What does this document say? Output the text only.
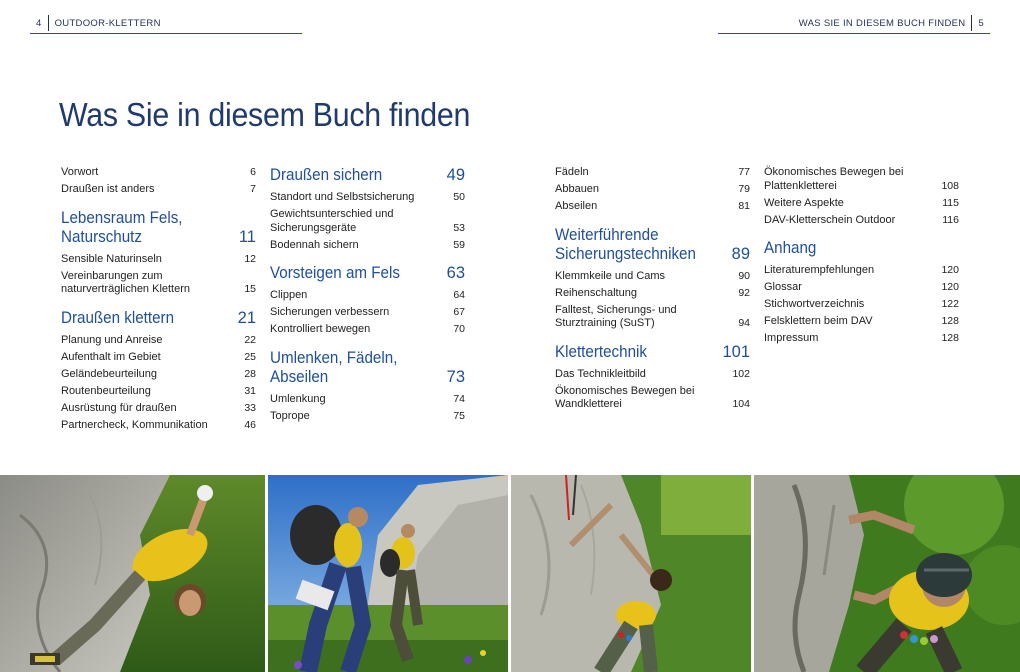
4 OUTDOOR-KLETTERN	WAS SIE IN DIESEM BUCH FINDEN 5
Was Sie in diesem Buch finden
Vorwort	6
Draußen ist anders	7
Lebensraum Fels, Naturschutz	11
Sensible Naturinseln	12
Vereinbarungen zum naturverträglichen Klettern	15
Draußen klettern	21
Planung und Anreise	22
Aufenthalt im Gebiet	25
Geländebeurteilung	28
Routenbeurteilung	31
Ausrüstung für draußen	33
Partnercheck, Kommunikation	46
Draußen sichern	49
Standort und Selbstsicherung	50
Gewichtsunterschied und Sicherungsgeräte	53
Bodennah sichern	59
Vorsteigen am Fels	63
Clippen	64
Sicherungen verbessern	67
Kontrolliert bewegen	70
Umlenken, Fädeln, Abseilen	73
Umlenkung	74
Toprope	75
Fädeln	77
Abbauen	79
Abseilen	81
Weiterführende Sicherungstechniken	89
Klemmkeile und Cams	90
Reihenschaltung	92
Falltest, Sicherungs- und Sturztraining (SuST)	94
Klettertechnik	101
Das Technikleitbild	102
Ökonomisches Bewegen bei Wandkletterei	104
Ökonomisches Bewegen bei Plattenkletterei	108
Weitere Aspekte	115
DAV-Kletterschein Outdoor	116
Anhang
Literaturempfehlungen	120
Glossar	120
Stichwortverzeichnis	122
Felsklettern beim DAV	128
Impressum	128
